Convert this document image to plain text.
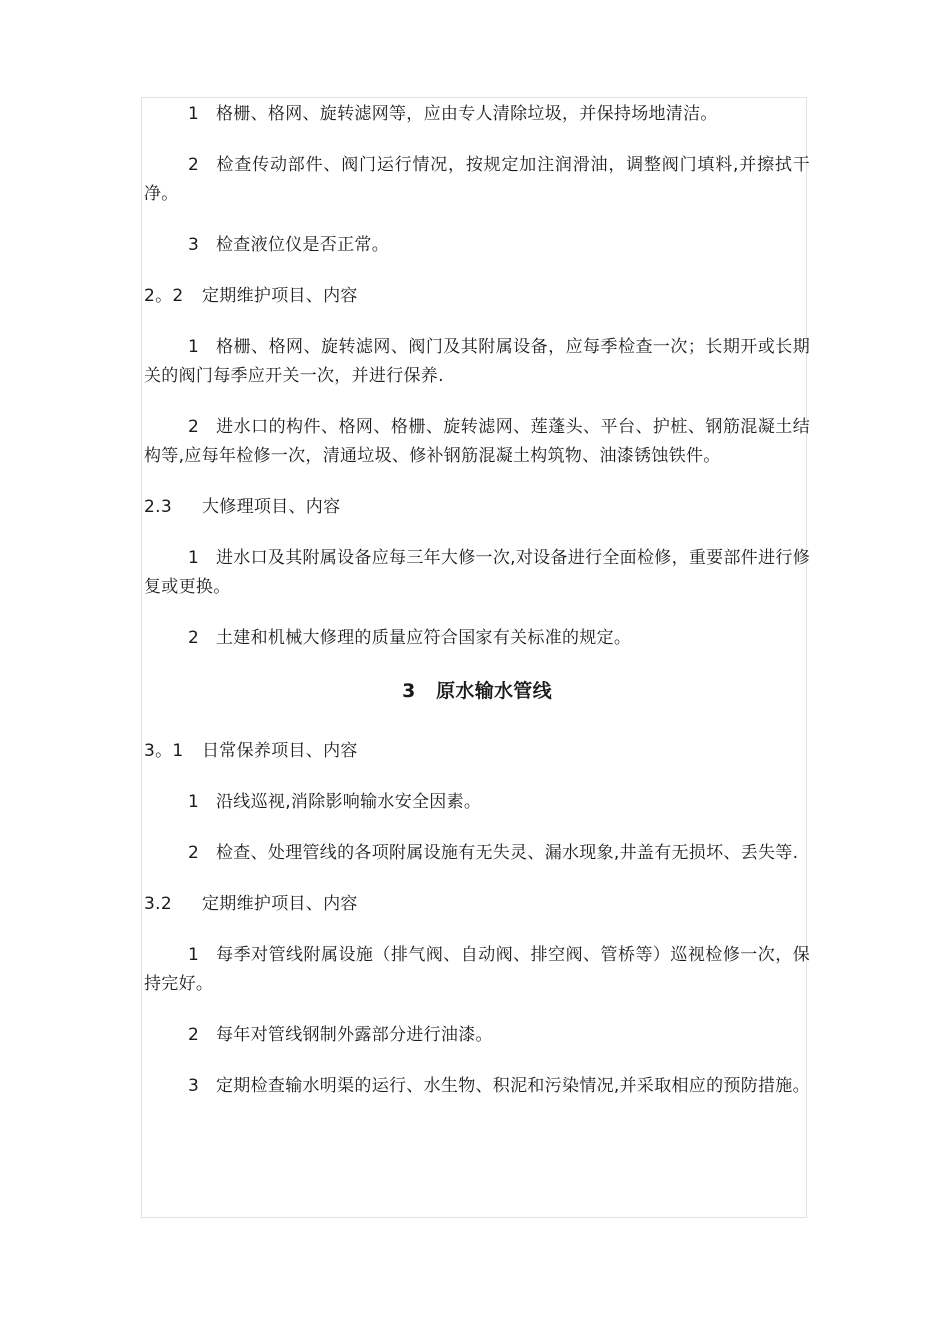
1 格栅、格网、旋转滤网等，应由专人清除垃圾，并保持场地清洁。

2 检查传动部件、阀门运行情况，按规定加注润滑油，调整阀门填料,并擦拭干净。

3 检查液位仪是否正常。

2。2 定期维护项目、内容

1 格栅、格网、旋转滤网、阀门及其附属设备，应每季检查一次；长期开或长期关的阀门每季应开关一次，并进行保养.

2 进水口的构件、格网、格栅、旋转滤网、莲蓬头、平台、护桩、钢筋混凝土结构等,应每年检修一次，清通垃圾、修补钢筋混凝土构筑物、油漆锈蚀铁件。

2.3 大修理项目、内容

1 进水口及其附属设备应每三年大修一次,对设备进行全面检修，重要部件进行修复或更换。

2 土建和机械大修理的质量应符合国家有关标准的规定。

3 原水输水管线

3。1 日常保养项目、内容

1 沿线巡视,消除影响输水安全因素。

2 检查、处理管线的各项附属设施有无失灵、漏水现象,井盖有无损坏、丢失等.

3.2 定期维护项目、内容

1 每季对管线附属设施（排气阀、自动阀、排空阀、管桥等）巡视检修一次，保持完好。

2 每年对管线钢制外露部分进行油漆。

3 定期检查输水明渠的运行、水生物、积泥和污染情况,并采取相应的预防措施。
